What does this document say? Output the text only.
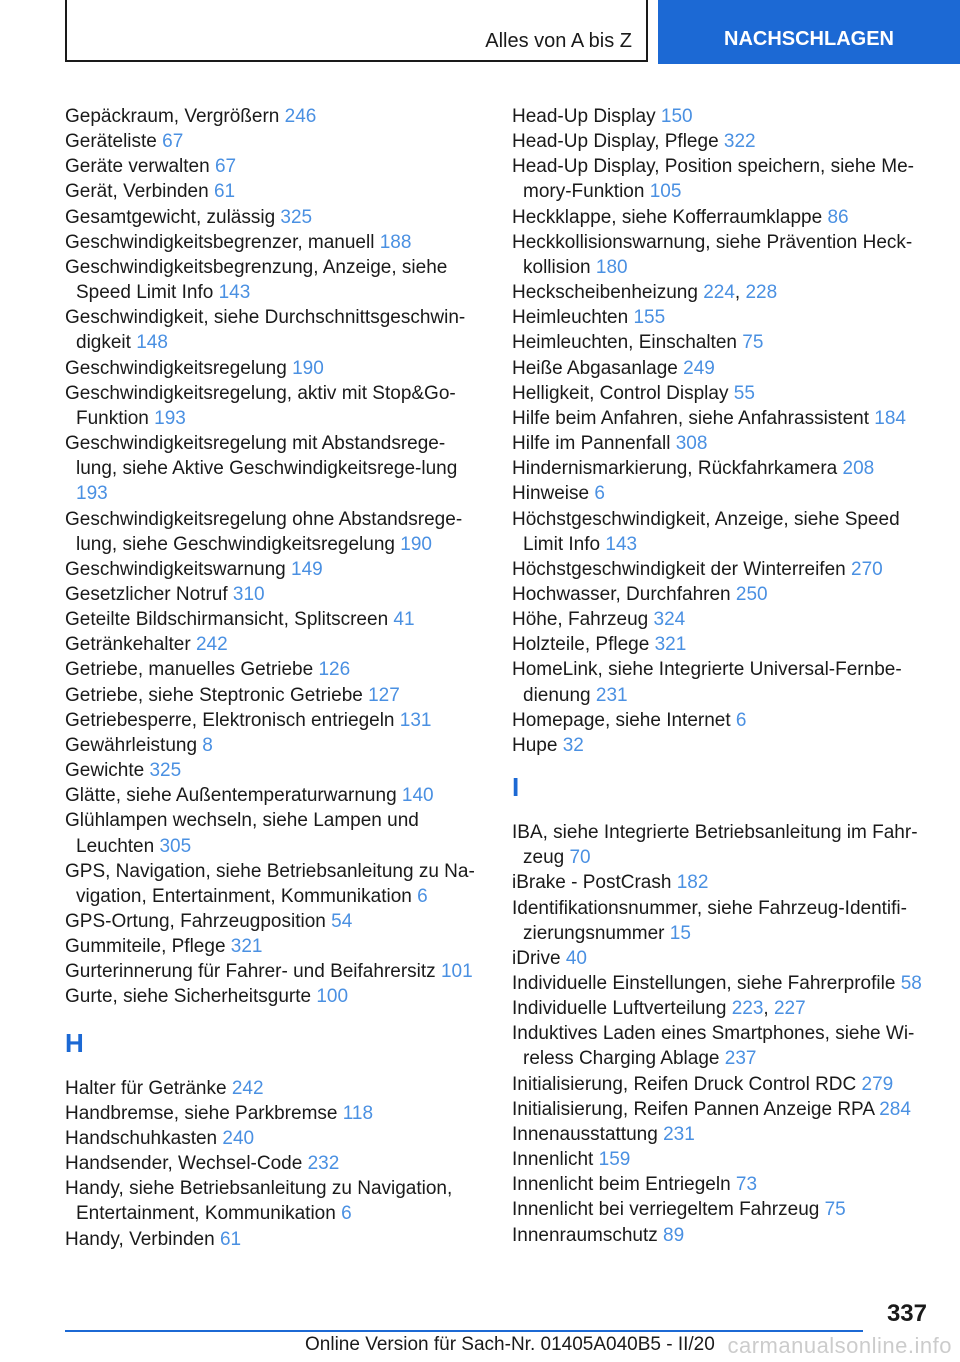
Alles von A bis Z	NACHSCHLAGEN
Gepäckraum, Vergrößern 246
Geräteliste 67
Geräte verwalten 67
Gerät, Verbinden 61
Gesamtgewicht, zulässig 325
Geschwindigkeitsbegrenzer, manuell 188
Geschwindigkeitsbegrenzung, Anzeige, siehe Speed Limit Info 143
Geschwindigkeit, siehe Durchschnittsgeschwin-digkeit 148
Geschwindigkeitsregelung 190
Geschwindigkeitsregelung, aktiv mit Stop&Go-Funktion 193
Geschwindigkeitsregelung mit Abstandsrege-lung, siehe Aktive Geschwindigkeitsrege-lung 193
Geschwindigkeitsregelung ohne Abstandsrege-lung, siehe Geschwindigkeitsregelung 190
Geschwindigkeitswarnung 149
Gesetzlicher Notruf 310
Geteilte Bildschirmansicht, Splitscreen 41
Getränkehalter 242
Getriebe, manuelles Getriebe 126
Getriebe, siehe Steptronic Getriebe 127
Getriebesperre, Elektronisch entriegeln 131
Gewährleistung 8
Gewichte 325
Glätte, siehe Außentemperaturwarnung 140
Glühlampen wechseln, siehe Lampen und Leuchten 305
GPS, Navigation, siehe Betriebsanleitung zu Na-vigation, Entertainment, Kommunikation 6
GPS-Ortung, Fahrzeugposition 54
Gummiteile, Pflege 321
Gurterinnerung für Fahrer- und Beifahrersitz 101
Gurte, siehe Sicherheitsgurte 100
H
Halter für Getränke 242
Handbremse, siehe Parkbremse 118
Handschuhkasten 240
Handsender, Wechsel-Code 232
Handy, siehe Betriebsanleitung zu Navigation, Entertainment, Kommunikation 6
Handy, Verbinden 61
Head-Up Display 150
Head-Up Display, Pflege 322
Head-Up Display, Position speichern, siehe Me-mory-Funktion 105
Heckklappe, siehe Kofferraumklappe 86
Heckkollisionswarnung, siehe Prävention Heck-kollision 180
Heckscheibenheizung 224, 228
Heimleuchten 155
Heimleuchten, Einschalten 75
Heiße Abgasanlage 249
Helligkeit, Control Display 55
Hilfe beim Anfahren, siehe Anfahrassistent 184
Hilfe im Pannenfall 308
Hindernismarkierung, Rückfahrkamera 208
Hinweise 6
Höchstgeschwindigkeit, Anzeige, siehe Speed Limit Info 143
Höchstgeschwindigkeit der Winterreifen 270
Hochwasser, Durchfahren 250
Höhe, Fahrzeug 324
Holzteile, Pflege 321
HomeLink, siehe Integrierte Universal-Fernbe-dienung 231
Homepage, siehe Internet 6
Hupe 32
I
IBA, siehe Integrierte Betriebsanleitung im Fahr-zeug 70
iBrake - PostCrash 182
Identifikationsnummer, siehe Fahrzeug-Identifi-zierungsnummer 15
iDrive 40
Individuelle Einstellungen, siehe Fahrerprofile 58
Individuelle Luftverteilung 223, 227
Induktives Laden eines Smartphones, siehe Wi-reless Charging Ablage 237
Initialisierung, Reifen Druck Control RDC 279
Initialisierung, Reifen Pannen Anzeige RPA 284
Innenausstattung 231
Innenlicht 159
Innenlicht beim Entriegeln 73
Innenlicht bei verriegeltem Fahrzeug 75
Innenraumschutz 89
337
Online Version für Sach-Nr. 01405A040B5 - II/20 carmanualsonline.info
